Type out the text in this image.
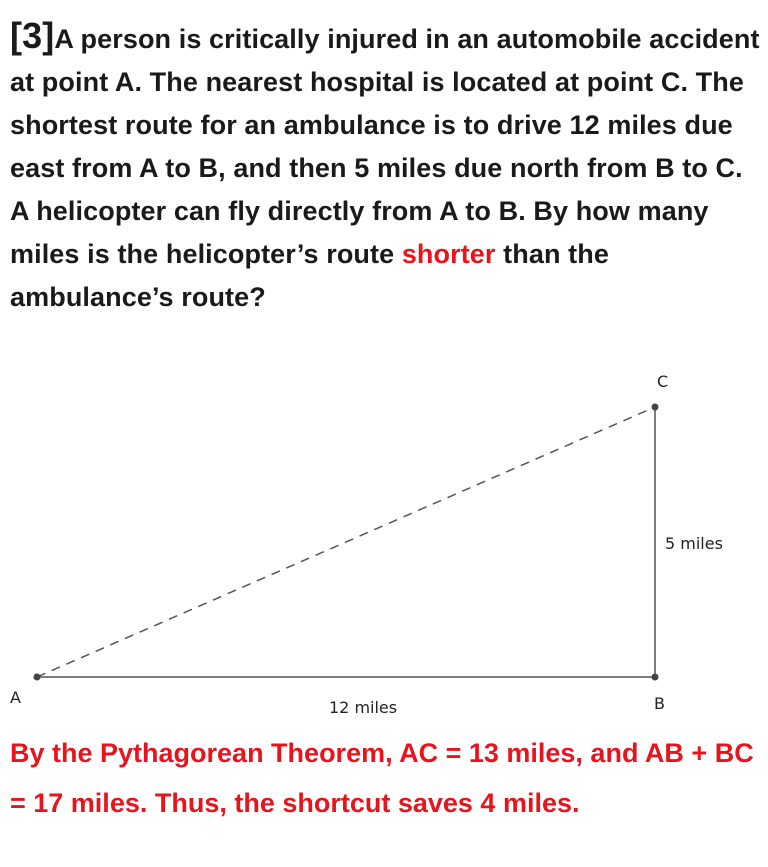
[3]A person is critically injured in an automobile accident at point A. The nearest hospital is located at point C. The shortest route for an ambulance is to drive 12 miles due east from A to B, and then 5 miles due north from B to C. A helicopter can fly directly from A to B. By how many miles is the helicopter’s route shorter than the ambulance’s route?
A	B
C
12 miles
5 miles
By the Pythagorean Theorem, AC = 13 miles, and AB + BC = 17 miles. Thus, the shortcut saves 4 miles.
